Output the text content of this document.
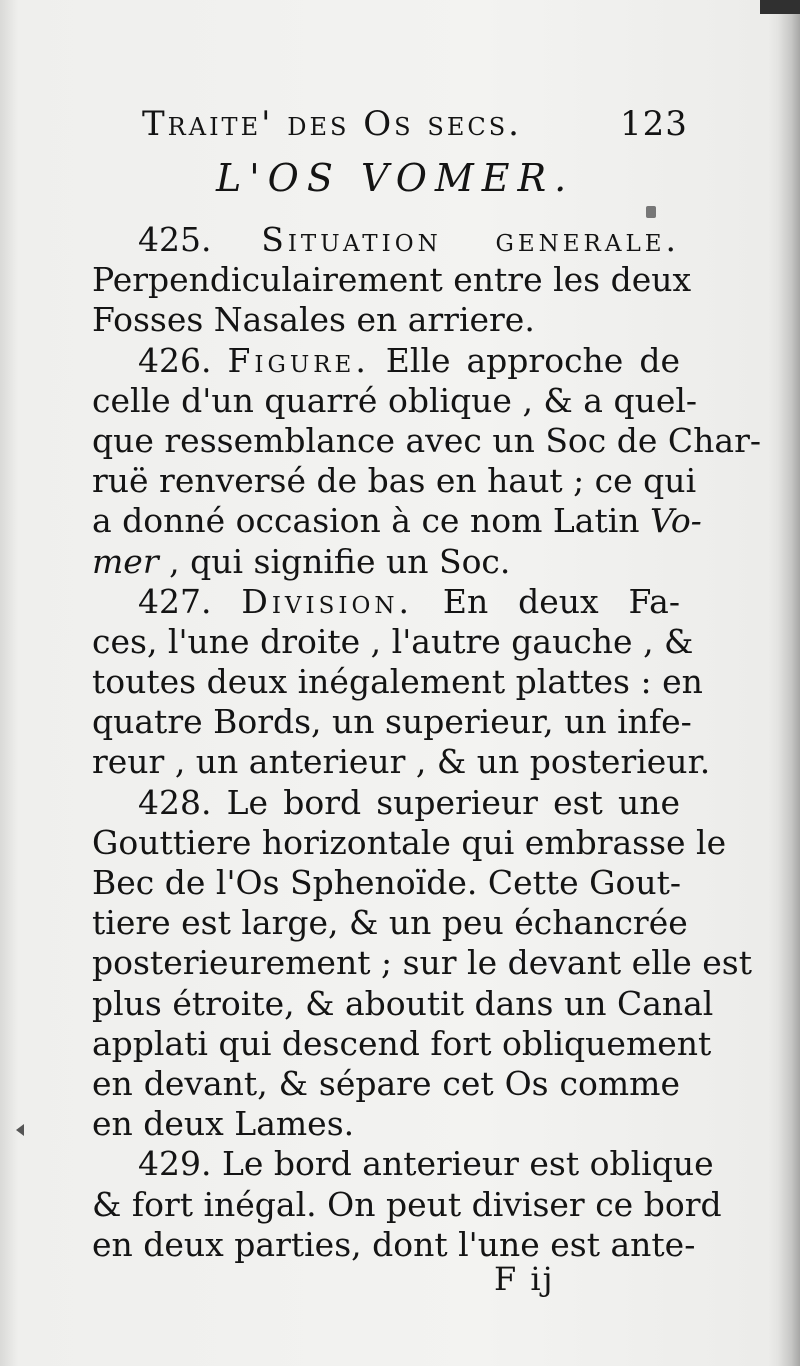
Traite' des Os secs.	123
L'OS VOMER.
425. Situation generale.
Perpendiculairement entre les deux
Fosses Nasales en arriere.
426. Figure. Elle approche de
celle d'un quarré oblique , & a quel-
que ressemblance avec un Soc de Char-
ruë renversé de bas en haut ; ce qui
a donné occasion à ce nom Latin Vo-
mer , qui signifie un Soc.
427. Division. En deux Fa-
ces, l'une droite , l'autre gauche , &
toutes deux inégalement plattes : en
quatre Bords, un superieur, un infe-
reur , un anterieur , & un posterieur.
428. Le bord superieur est une
Gouttiere horizontale qui embrasse le
Bec de l'Os Sphenoïde. Cette Gout-
tiere est large, & un peu échancrée
posterieurement ; sur le devant elle est
plus étroite, & aboutit dans un Canal
applati qui descend fort obliquement
en devant, & sépare cet Os comme
en deux Lames.
429. Le bord anterieur est oblique
& fort inégal. On peut diviser ce bord
en deux parties, dont l'une est ante-
F ij
